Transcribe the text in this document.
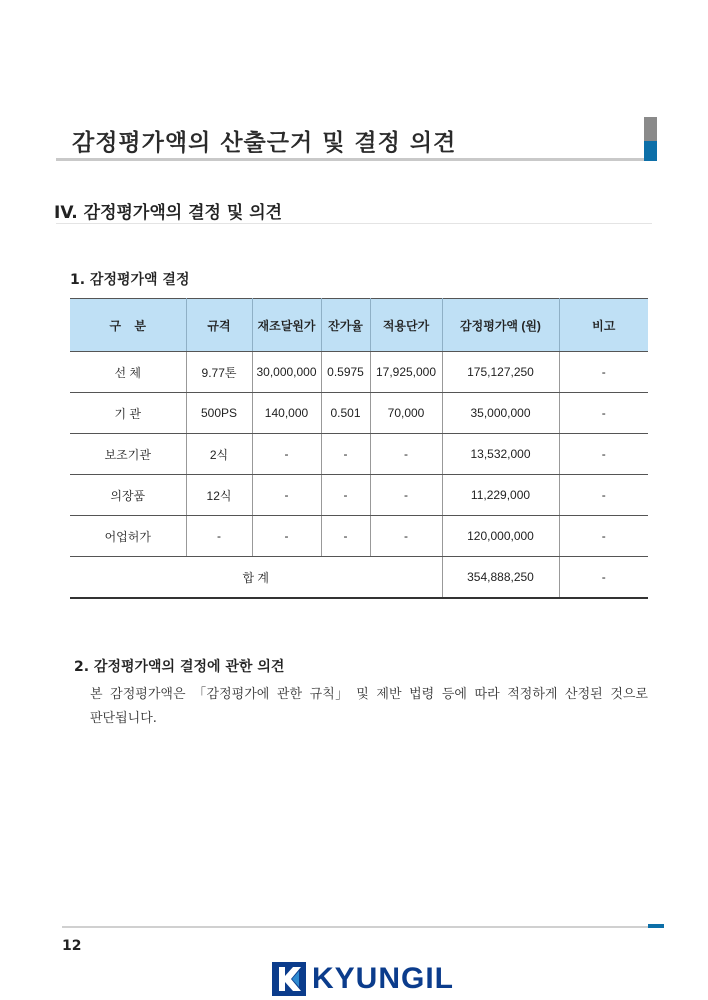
감정평가액의 산출근거 및 결정 의견
IV. 감정평가액의 결정 및 의견
1. 감정평가액 결정
구    분	규격	재조달원가	잔가율	적용단가	감정평가액 (원)	비고
선 체	9.77톤	30,000,000	0.5975	17,925,000	175,127,250	-
기 관	500PS	140,000	0.501	70,000	35,000,000	-
보조기관	2식	-	-	-	13,532,000	-
의장품	12식	-	-	-	11,229,000	-
어업허가	-	-	-	-	120,000,000	-
합 계					354,888,250	-
2. 감정평가액의 결정에 관한 의견
본 감정평가액은 「감정평가에 관한 규칙」 및 제반 법령 등에 따라 적정하게 산정된 것으로 판단됩니다.
12
KYUNGIL
